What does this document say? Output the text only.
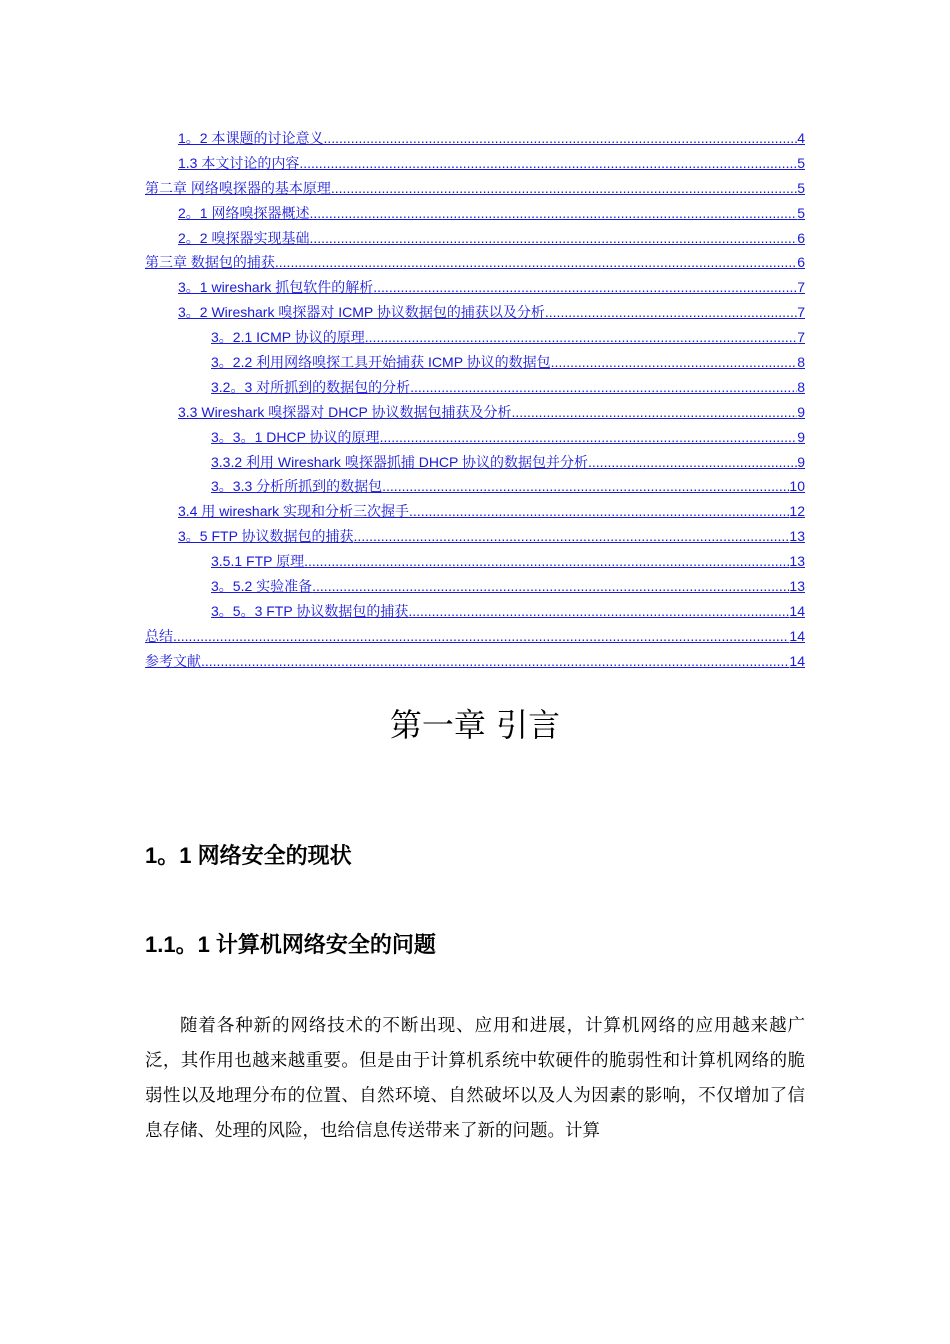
1。2 本课题的讨论意义 .....	4
1.3 本文讨论的内容 .....	5
第二章 网络嗅探器的基本原理 .....	5
2。1 网络嗅探器概述 .....	5
2。2 嗅探器实现基础 .....	6
第三章 数据包的捕获 .....	6
3。1 wireshark 抓包软件的解析 .....	7
3。2 Wireshark 嗅探器对 ICMP 协议数据包的捕获以及分析 .....	7
3。2.1 ICMP 协议的原理 .....	7
3。2.2 利用网络嗅探工具开始捕获 ICMP 协议的数据包 .....	8
3.2。3 对所抓到的数据包的分析 .....	8
3.3 Wireshark 嗅探器对 DHCP 协议数据包捕获及分析 .....	9
3。3。1 DHCP 协议的原理 .....	9
3.3.2 利用 Wireshark 嗅探器抓捕 DHCP 协议的数据包并分析 .....	9
3。3.3 分析所抓到的数据包 .....	10
3.4 用 wireshark 实现和分析三次握手 .....	12
3。5 FTP 协议数据包的捕获 .....	13
3.5.1 FTP 原理 .....	13
3。5.2 实验准备 .....	13
3。5。3 FTP 协议数据包的捕获 .....	14
总结 .....	14
参考文献 .....	14
第一章 引言
1。1 网络安全的现状
1.1。1 计算机网络安全的问题

随着各种新的网络技术的不断出现、应用和进展，计算机网络的应用越来越广泛，其作用也越来越重要。但是由于计算机系统中软硬件的脆弱性和计算机网络的脆弱性以及地理分布的位置、自然环境、自然破坏以及人为因素的影响，不仅增加了信息存储、处理的风险，也给信息传送带来了新的问题。计算
